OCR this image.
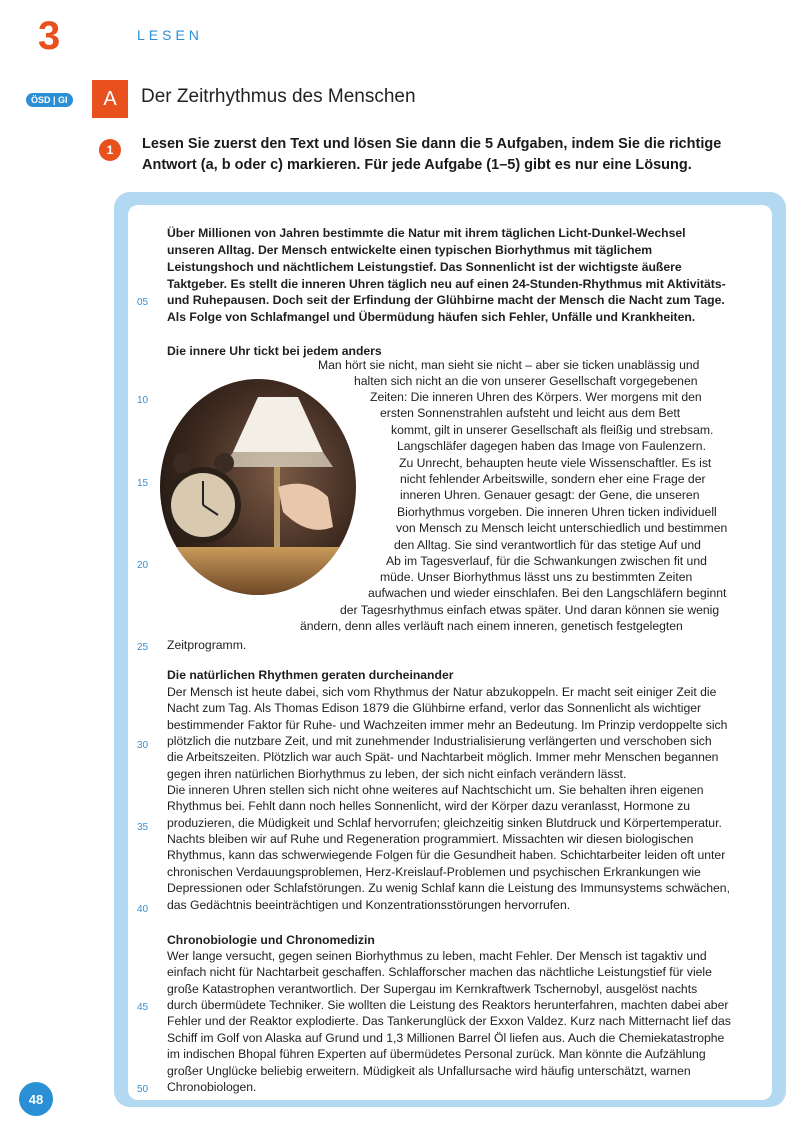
3	LESEN
ÖSD | GI	A	Der Zeitrhythmus des Menschen
1	Lesen Sie zuerst den Text und lösen Sie dann die 5 Aufgaben, indem Sie die richtige Antwort (a, b oder c) markieren. Für jede Aufgabe (1–5) gibt es nur eine Lösung.
05
10
15
20
25
30
35
40
45
50
Über Millionen von Jahren bestimmte die Natur mit ihrem täglichen Licht-Dunkel-Wechsel
unseren Alltag. Der Mensch entwickelte einen typischen Biorhythmus mit täglichem
Leistungshoch und nächtlichem Leistungstief. Das Sonnenlicht ist der wichtigste äußere
Taktgeber. Es stellt die inneren Uhren täglich neu auf einen 24-Stunden-Rhythmus mit Aktivitäts-
und Ruhepausen. Doch seit der Erfindung der Glühbirne macht der Mensch die Nacht zum Tage.
Als Folge von Schlafmangel und Übermüdung häufen sich Fehler, Unfälle und Krankheiten.
Die innere Uhr tickt bei jedem anders
Man hört sie nicht, man sieht sie nicht – aber sie ticken unablässig und
halten sich nicht an die von unserer Gesellschaft vorgegebenen
Zeiten: Die inneren Uhren des Körpers. Wer morgens mit den
ersten Sonnenstrahlen aufsteht und leicht aus dem Bett
kommt, gilt in unserer Gesellschaft als fleißig und strebsam.
Langschläfer dagegen haben das Image von Faulenzern.
Zu Unrecht, behaupten heute viele Wissenschaftler. Es ist
nicht fehlender Arbeitswille, sondern eher eine Frage der
inneren Uhren. Genauer gesagt: der Gene, die unseren
Biorhythmus vorgeben. Die inneren Uhren ticken individuell
von Mensch zu Mensch leicht unterschiedlich und bestimmen
den Alltag. Sie sind verantwortlich für das stetige Auf und
Ab im Tagesverlauf, für die Schwankungen zwischen fit und
müde. Unser Biorhythmus lässt uns zu bestimmten Zeiten
aufwachen und wieder einschlafen. Bei den Langschläfern beginnt
der Tagesrhythmus einfach etwas später. Und daran können sie wenig
ändern, denn alles verläuft nach einem inneren, genetisch festgelegten
Zeitprogramm.
Die natürlichen Rhythmen geraten durcheinander
Der Mensch ist heute dabei, sich vom Rhythmus der Natur abzukoppeln. Er macht seit einiger Zeit die
Nacht zum Tag. Als Thomas Edison 1879 die Glühbirne erfand, verlor das Sonnenlicht als wichtiger
bestimmender Faktor für Ruhe- und Wachzeiten immer mehr an Bedeutung. Im Prinzip verdoppelte sich
plötzlich die nutzbare Zeit, und mit zunehmender Industrialisierung verlängerten und verschoben sich
die Arbeitszeiten. Plötzlich war auch Spät- und Nachtarbeit möglich. Immer mehr Menschen begannen
gegen ihren natürlichen Biorhythmus zu leben, der sich nicht einfach verändern lässt.
Die inneren Uhren stellen sich nicht ohne weiteres auf Nachtschicht um. Sie behalten ihren eigenen
Rhythmus bei. Fehlt dann noch helles Sonnenlicht, wird der Körper dazu veranlasst, Hormone zu
produzieren, die Müdigkeit und Schlaf hervorrufen; gleichzeitig sinken Blutdruck und Körpertemperatur.
Nachts bleiben wir auf Ruhe und Regeneration programmiert. Missachten wir diesen biologischen
Rhythmus, kann das schwerwiegende Folgen für die Gesundheit haben. Schichtarbeiter leiden oft unter
chronischen Verdauungsproblemen, Herz-Kreislauf-Problemen und psychischen Erkrankungen wie
Depressionen oder Schlafstörungen. Zu wenig Schlaf kann die Leistung des Immunsystems schwächen,
das Gedächtnis beeinträchtigen und Konzentrationsstörungen hervorrufen.
Chronobiologie und Chronomedizin
Wer lange versucht, gegen seinen Biorhythmus zu leben, macht Fehler. Der Mensch ist tagaktiv und
einfach nicht für Nachtarbeit geschaffen. Schlafforscher machen das nächtliche Leistungstief für viele
große Katastrophen verantwortlich. Der Supergau im Kernkraftwerk Tschernobyl, ausgelöst nachts
durch übermüdete Techniker. Sie wollten die Leistung des Reaktors herunterfahren, machten dabei aber
Fehler und der Reaktor explodierte. Das Tankerunglück der Exxon Valdez. Kurz nach Mitternacht lief das
Schiff im Golf von Alaska auf Grund und 1,3 Millionen Barrel Öl liefen aus. Auch die Chemiekatastrophe
im indischen Bhopal führen Experten auf übermüdetes Personal zurück. Man könnte die Aufzählung
großer Unglücke beliebig erweitern. Müdigkeit als Unfallursache wird häufig unterschätzt, warnen
Chronobiologen.
48
